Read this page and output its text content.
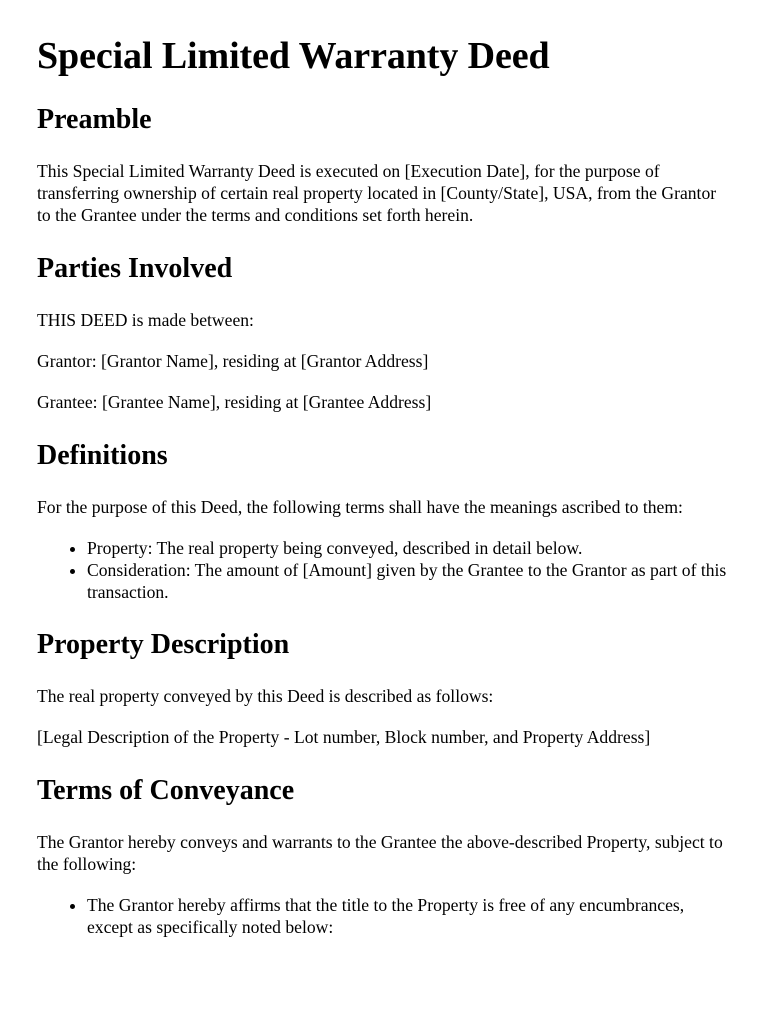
Special Limited Warranty Deed
Preamble

This Special Limited Warranty Deed is executed on [Execution Date], for the purpose of transferring ownership of certain real property located in [County/State], USA, from the Grantor to the Grantee under the terms and conditions set forth herein.

Parties Involved

THIS DEED is made between:

Grantor: [Grantor Name], residing at [Grantor Address]

Grantee: [Grantee Name], residing at [Grantee Address]

Definitions

For the purpose of this Deed, the following terms shall have the meanings ascribed to them:

• Property: The real property being conveyed, described in detail below.
• Consideration: The amount of [Amount] given by the Grantee to the Grantor as part of this transaction.
Property Description

The real property conveyed by this Deed is described as follows:

[Legal Description of the Property - Lot number, Block number, and Property Address]

Terms of Conveyance

The Grantor hereby conveys and warrants to the Grantee the above-described Property, subject to the following:

• The Grantor hereby affirms that the title to the Property is free of any encumbrances, except as specifically noted below:
